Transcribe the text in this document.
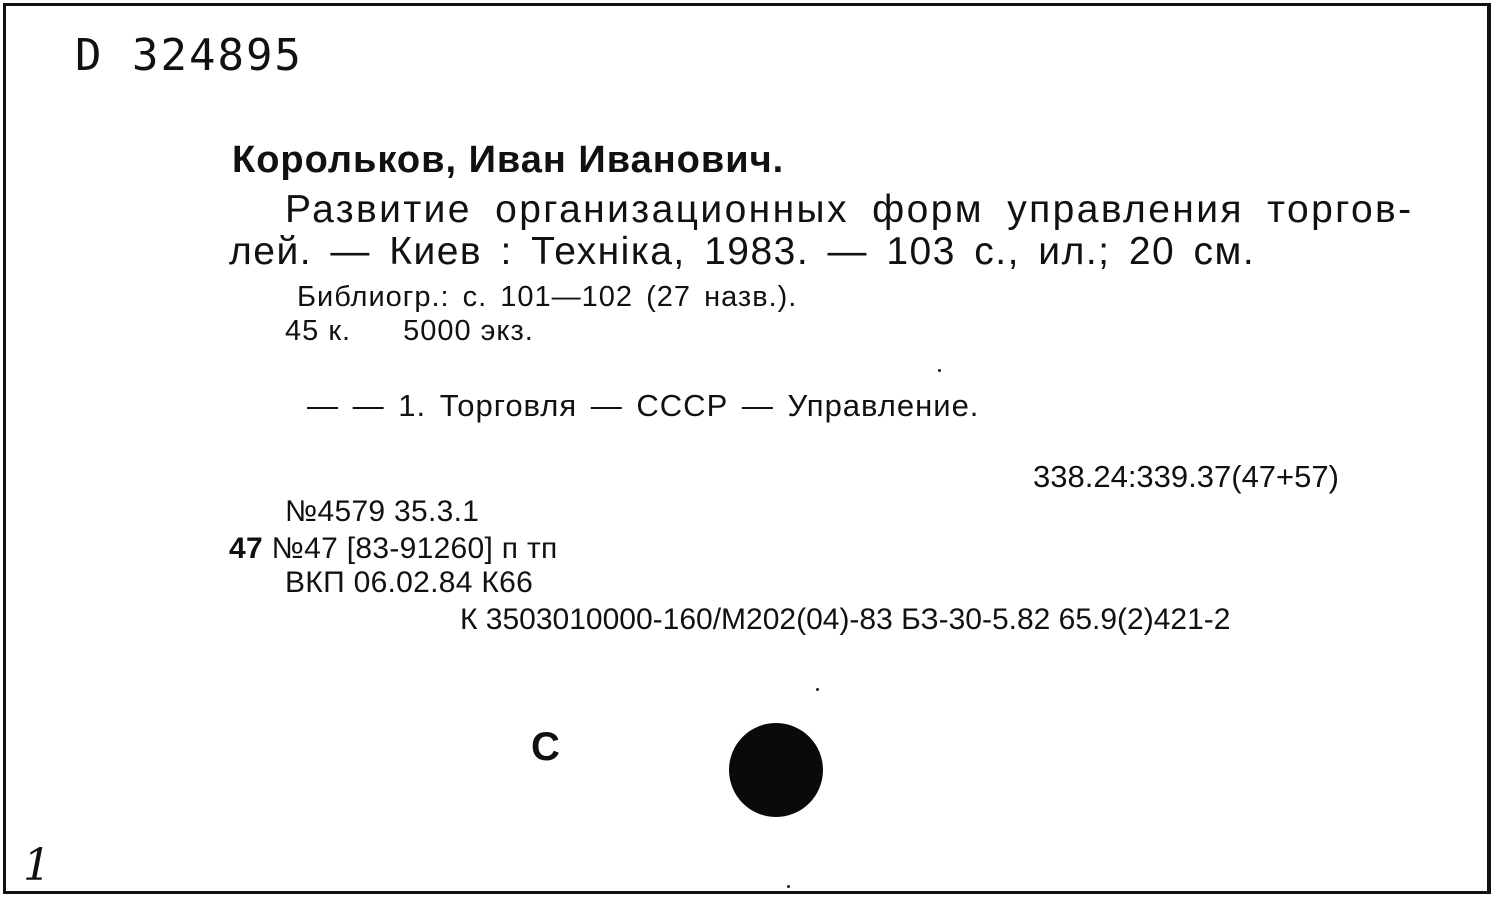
D 324895
Корольков, Иван Иванович.
Развитие организационных форм управления торгов-
лей. — Киев : Техніка, 1983. — 103 с., ил.; 20 см.
Библиогр.: с. 101—102 (27 назв.).
45 к. 5000 экз.
— — 1. Торговля — СССР — Управление.
338.24:339.37(47+57)
№4579 35.3.1
47 №47 [83-91260] п тп
ВКП 06.02.84 К66
К 3503010000-160/М202(04)-83 БЗ-30-5.82 65.9(2)421-2
С
1
